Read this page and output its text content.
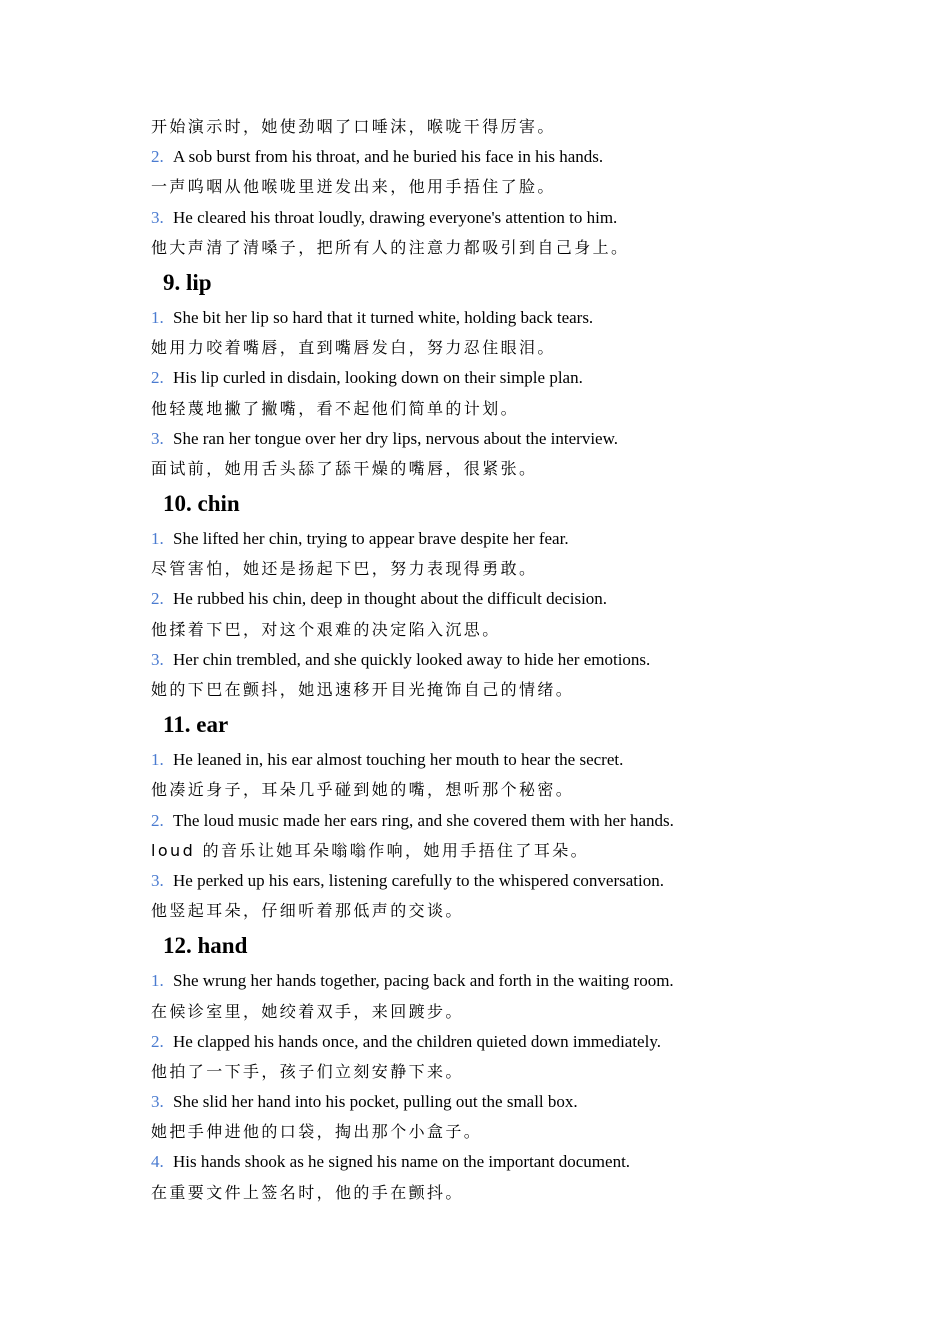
开始演示时，她使劲咽了口唾沫，喉咙干得厉害。
2. A sob burst from his throat, and he buried his face in his hands.
一声呜咽从他喉咙里迸发出来，他用手捂住了脸。
3. He cleared his throat loudly, drawing everyone's attention to him.
他大声清了清嗓子，把所有人的注意力都吸引到自己身上。
9. lip
1. She bit her lip so hard that it turned white, holding back tears.
她用力咬着嘴唇，直到嘴唇发白，努力忍住眼泪。
2. His lip curled in disdain, looking down on their simple plan.
他轻蔑地撇了撇嘴，看不起他们简单的计划。
3. She ran her tongue over her dry lips, nervous about the interview.
面试前，她用舌头舔了舔干燥的嘴唇，很紧张。
10. chin
1. She lifted her chin, trying to appear brave despite her fear.
尽管害怕，她还是扬起下巴，努力表现得勇敢。
2. He rubbed his chin, deep in thought about the difficult decision.
他揉着下巴，对这个艰难的决定陷入沉思。
3. Her chin trembled, and she quickly looked away to hide her emotions.
她的下巴在颤抖，她迅速移开目光掩饰自己的情绪。
11. ear
1. He leaned in, his ear almost touching her mouth to hear the secret.
他凑近身子，耳朵几乎碰到她的嘴，想听那个秘密。
2. The loud music made her ears ring, and she covered them with her hands.
loud 的音乐让她耳朵嗡嗡作响，她用手捂住了耳朵。
3. He perked up his ears, listening carefully to the whispered conversation.
他竖起耳朵，仔细听着那低声的交谈。
12. hand
1. She wrung her hands together, pacing back and forth in the waiting room.
在候诊室里，她绞着双手，来回踱步。
2. He clapped his hands once, and the children quieted down immediately.
他拍了一下手，孩子们立刻安静下来。
3. She slid her hand into his pocket, pulling out the small box.
她把手伸进他的口袋，掏出那个小盒子。
4. His hands shook as he signed his name on the important document.
在重要文件上签名时，他的手在颤抖。
